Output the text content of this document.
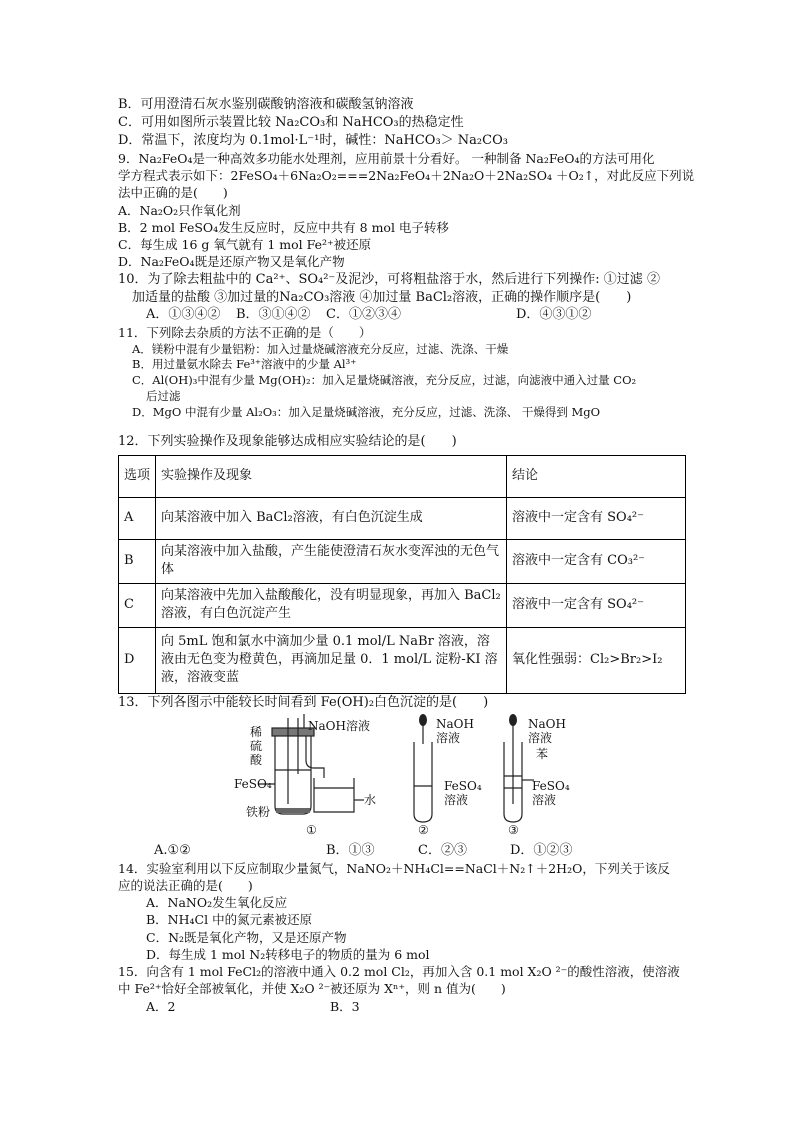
B．可用澄清石灰水鉴别碳酸钠溶液和碳酸氢钠溶液
C．可用如图所示装置比较 Na₂CO₃和 NaHCO₃的热稳定性
D．常温下，浓度均为 0.1mol·L⁻¹时，碱性：NaHCO₃＞ Na₂CO₃
9．Na₂FeO₄是一种高效多功能水处理剂，应用前景十分看好。 一种制备 Na₂FeO₄的方法可用化
学方程式表示如下：2FeSO₄＋6Na₂O₂===2Na₂FeO₄＋2Na₂O＋2Na₂SO₄ ＋O₂↑，对此反应下列说
法中正确的是(　　)
A．Na₂O₂只作氧化剂
B．2 mol FeSO₄发生反应时，反应中共有 8 mol 电子转移
C．每生成 16 g 氧气就有 1 mol Fe²⁺被还原
D．Na₂FeO₄既是还原产物又是氧化产物
10．为了除去粗盐中的 Ca²⁺、SO₄²⁻及泥沙，可将粗盐溶于水，然后进行下列操作: ①过滤 ②
加适量的盐酸 ③加过量的Na₂CO₃溶液 ④加过量 BaCl₂溶液，正确的操作顺序是(　　)
A．①③④② B．③①④② C．①②③④	D．④③①②
11．下列除去杂质的方法不正确的是（　　）
A．镁粉中混有少量铝粉：加入过量烧碱溶液充分反应，过滤、洗涤、干燥
B．用过量氨水除去 Fe³⁺溶液中的少量 Al³⁺
C．Al(OH)₃中混有少量 Mg(OH)₂：加入足量烧碱溶液，充分反应，过滤，向滤液中通入过量 CO₂
后过滤
D．MgO 中混有少量 Al₂O₃：加入足量烧碱溶液，充分反应，过滤、洗涤、 干燥得到 MgO
12．下列实验操作及现象能够达成相应实验结论的是(　　)
选项	实验操作及现象	结论
A	向某溶液中加入 BaCl₂溶液，有白色沉淀生成	溶液中一定含有 SO₄²⁻
B	向某溶液中加入盐酸，产生能使澄清石灰水变浑浊的无色气体	溶液中一定含有 CO₃²⁻
C	向某溶液中先加入盐酸酸化，没有明显现象，再加入 BaCl₂溶液，有白色沉淀产生	溶液中一定含有 SO₄²⁻
D	向 5mL 饱和氯水中滴加少量 0.1 mol/L NaBr 溶液，溶液由无色变为橙黄色，再滴加足量 0．1 mol/L 淀粉-KI 溶液，溶液变蓝	氧化性强弱：Cl₂>Br₂>I₂
13．下列各图示中能较长时间看到 Fe(OH)₂白色沉淀的是(　　)
稀
硫
酸
NaOH溶液
FeSO₄
铁粉
水
①
NaOH
溶液
FeSO₄
溶液
②
NaOH
溶液
苯
FeSO₄
溶液
③
A.①②	B．①③	C．②③	D．①②③
14．实验室利用以下反应制取少量氮气，NaNO₂＋NH₄Cl==NaCl＋N₂↑＋2H₂O，下列关于该反
应的说法正确的是(　　)
A．NaNO₂发生氧化反应
B．NH₄Cl 中的氮元素被还原
C．N₂既是氧化产物，又是还原产物
D．每生成 1 mol N₂转移电子的物质的量为 6 mol
15．向含有 1 mol FeCl₂的溶液中通入 0.2 mol Cl₂，再加入含 0.1 mol X₂O ²⁻的酸性溶液，使溶液
中 Fe²⁺恰好全部被氧化，并使 X₂O ²⁻被还原为 Xⁿ⁺，则 n 值为(　　)
A．2	B．3
